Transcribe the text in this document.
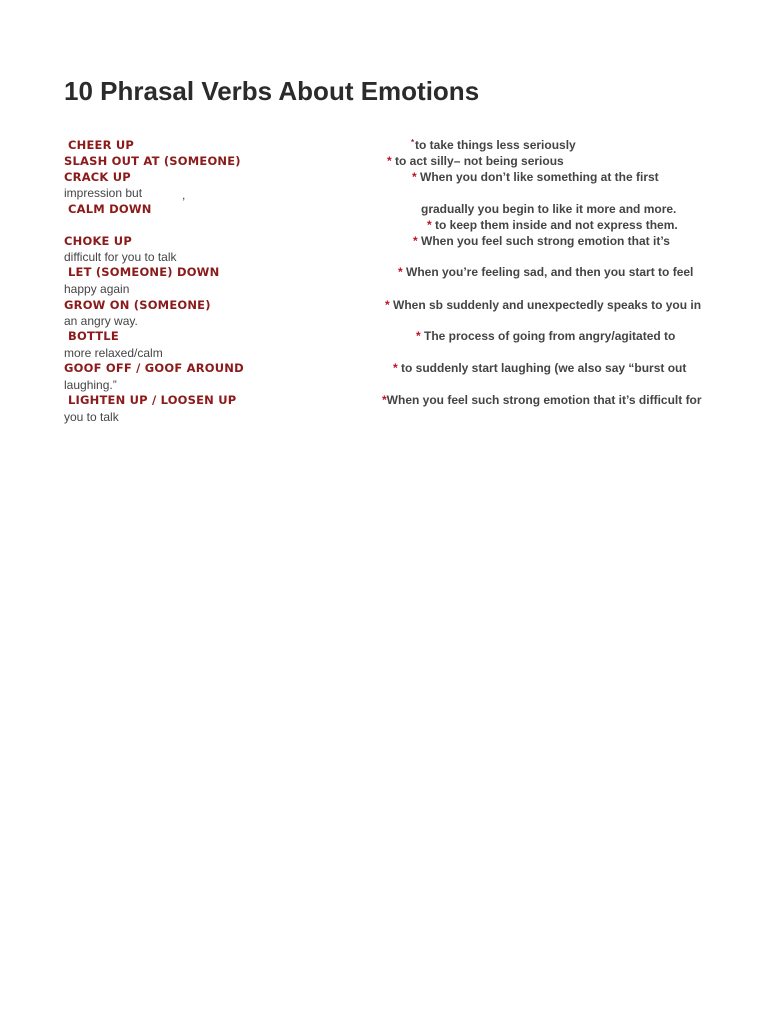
10 Phrasal Verbs About Emotions
CHEER UP
SLASH OUT AT (SOMEONE)
CRACK UP
impression but	,
CALM DOWN
CHOKE UP
difficult for you to talk
LET (SOMEONE) DOWN
happy again
GROW ON (SOMEONE)
an angry way.
BOTTLE
more relaxed/calm
GOOF OFF / GOOF AROUND
laughing.”
LIGHTEN UP / LOOSEN UP
you to talk
* to take things less seriously
* to act silly– not being serious
* When you don’t like something at the first
gradually you begin to like it more and more.
* to keep them inside and not express them.
* When you feel such strong emotion that it’s
* When you’re feeling sad, and then you start to feel
* When sb suddenly and unexpectedly speaks to you in
* The process of going from angry/agitated to
* to suddenly start laughing (we also say “burst out
*When you feel such strong emotion that it’s difficult for
